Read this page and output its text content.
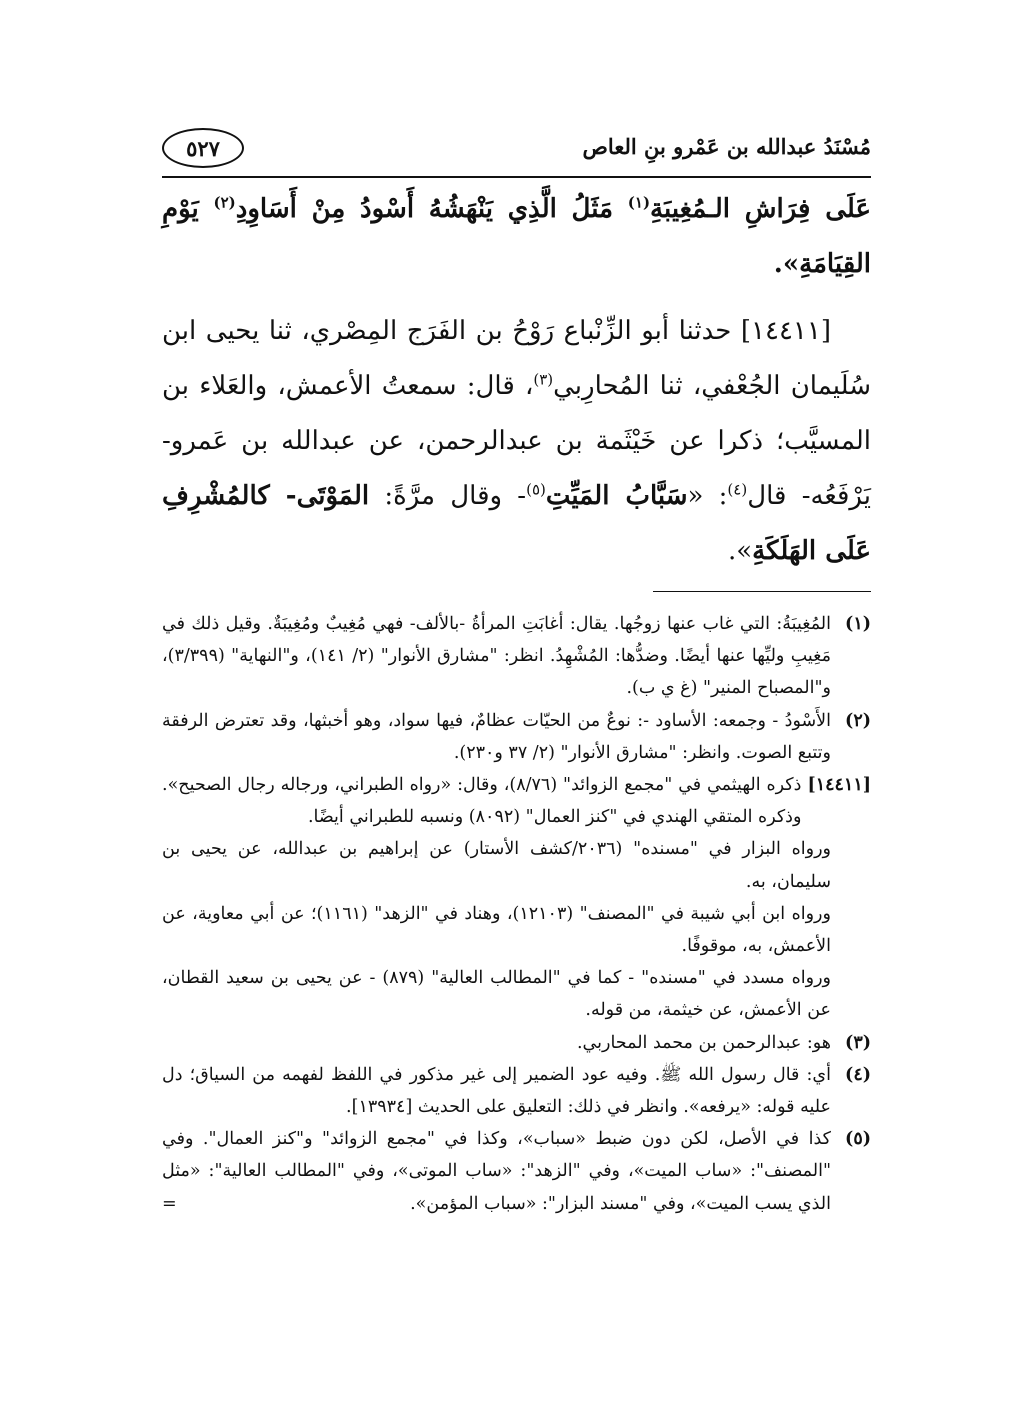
مُسْنَدُ عبدالله بن عَمْرو بنِ العاص
٥٢٧

عَلَى فِرَاشِ الـمُغِيبَةِ$^{(١)}$ مَثَلُ الَّذِي يَنْهَشُهُ أَسْودُ مِنْ أَسَاوِدِ$^{(٢)}$ يَوْمِ القِيَامَةِ».

[١٤٤١١] حدثنا أبو الزِّنْباع رَوْحُ بن الفَرَج المِصْري، ثنا يحيى ابن سُلَيمان الجُعْفي، ثنا المُحارِبي$^{(٣)}$، قال: سمعتُ الأعمش، والعَلاء بن المسيَّب؛ ذكرا عن خَيْثَمة بن عبدالرحمن، عن عبدالله بن عَمرو- يَرْفَعُه- قال$^{(٤)}$: «سَبَّابُ المَيِّتِ$^{(٥)}$- وقال مرَّةً: المَوْتَى- كالمُشْرِفِ عَلَى الهَلَكَةِ».

(١)
المُغِيبَةُ: التي غاب عنها زوجُها. يقال: أغابَتِ المرأةُ -بالألف- فهي مُغِيبٌ ومُغِيبَةٌ. وقيل ذلك في مَغِيبِ وليِّها عنها أيضًا. وضدُّها: المُشْهِدُ. انظر: "مشارق الأنوار" (٢/ ١٤١)، و"النهاية" (٣/٣٩٩)، و"المصباح المنير" (غ ي ب).
(٢)
الأَسْودُ - وجمعه: الأساود -: نوعٌ من الحيّات عظامٌ، فيها سواد، وهو أخبثها، وقد تعترض الرفقة وتتبع الصوت. وانظر: "مشارق الأنوار" (٢/ ٣٧ و٢٣٠).
[١٤٤١١]
ذكره الهيثمي في "مجمع الزوائد" (٨/٧٦)، وقال: «رواه الطبراني، ورجاله رجال الصحيح». وذكره المتقي الهندي في "كنز العمال" (٨٠٩٢) ونسبه للطبراني أيضًا.
ورواه البزار في "مسنده" (٢٠٣٦/كشف الأستار) عن إبراهيم بن عبدالله، عن يحيى بن سليمان، به.
ورواه ابن أبي شيبة في "المصنف" (١٢١٠٣)، وهناد في "الزهد" (١١٦١)؛ عن أبي معاوية، عن الأعمش، به، موقوفًا.
ورواه مسدد في "مسنده" - كما في "المطالب العالية" (٨٧٩) - عن يحيى بن سعيد القطان، عن الأعمش، عن خيثمة، من قوله.
(٣)
هو: عبدالرحمن بن محمد المحاربي.
(٤)
أي: قال رسول الله ﷺ. وفيه عود الضمير إلى غير مذكور في اللفظ لفهمه من السياق؛ دل عليه قوله: «يرفعه». وانظر في ذلك: التعليق على الحديث [١٣٩٣٤].
(٥)
كذا في الأصل، لكن دون ضبط «سباب»، وكذا في "مجمع الزوائد" و"كنز العمال". وفي "المصنف": «ساب الميت»، وفي "الزهد": «ساب الموتى»، وفي "المطالب العالية": «مثل الذي يسب الميت»، وفي "مسند البزار": «سباب المؤمن».
=
